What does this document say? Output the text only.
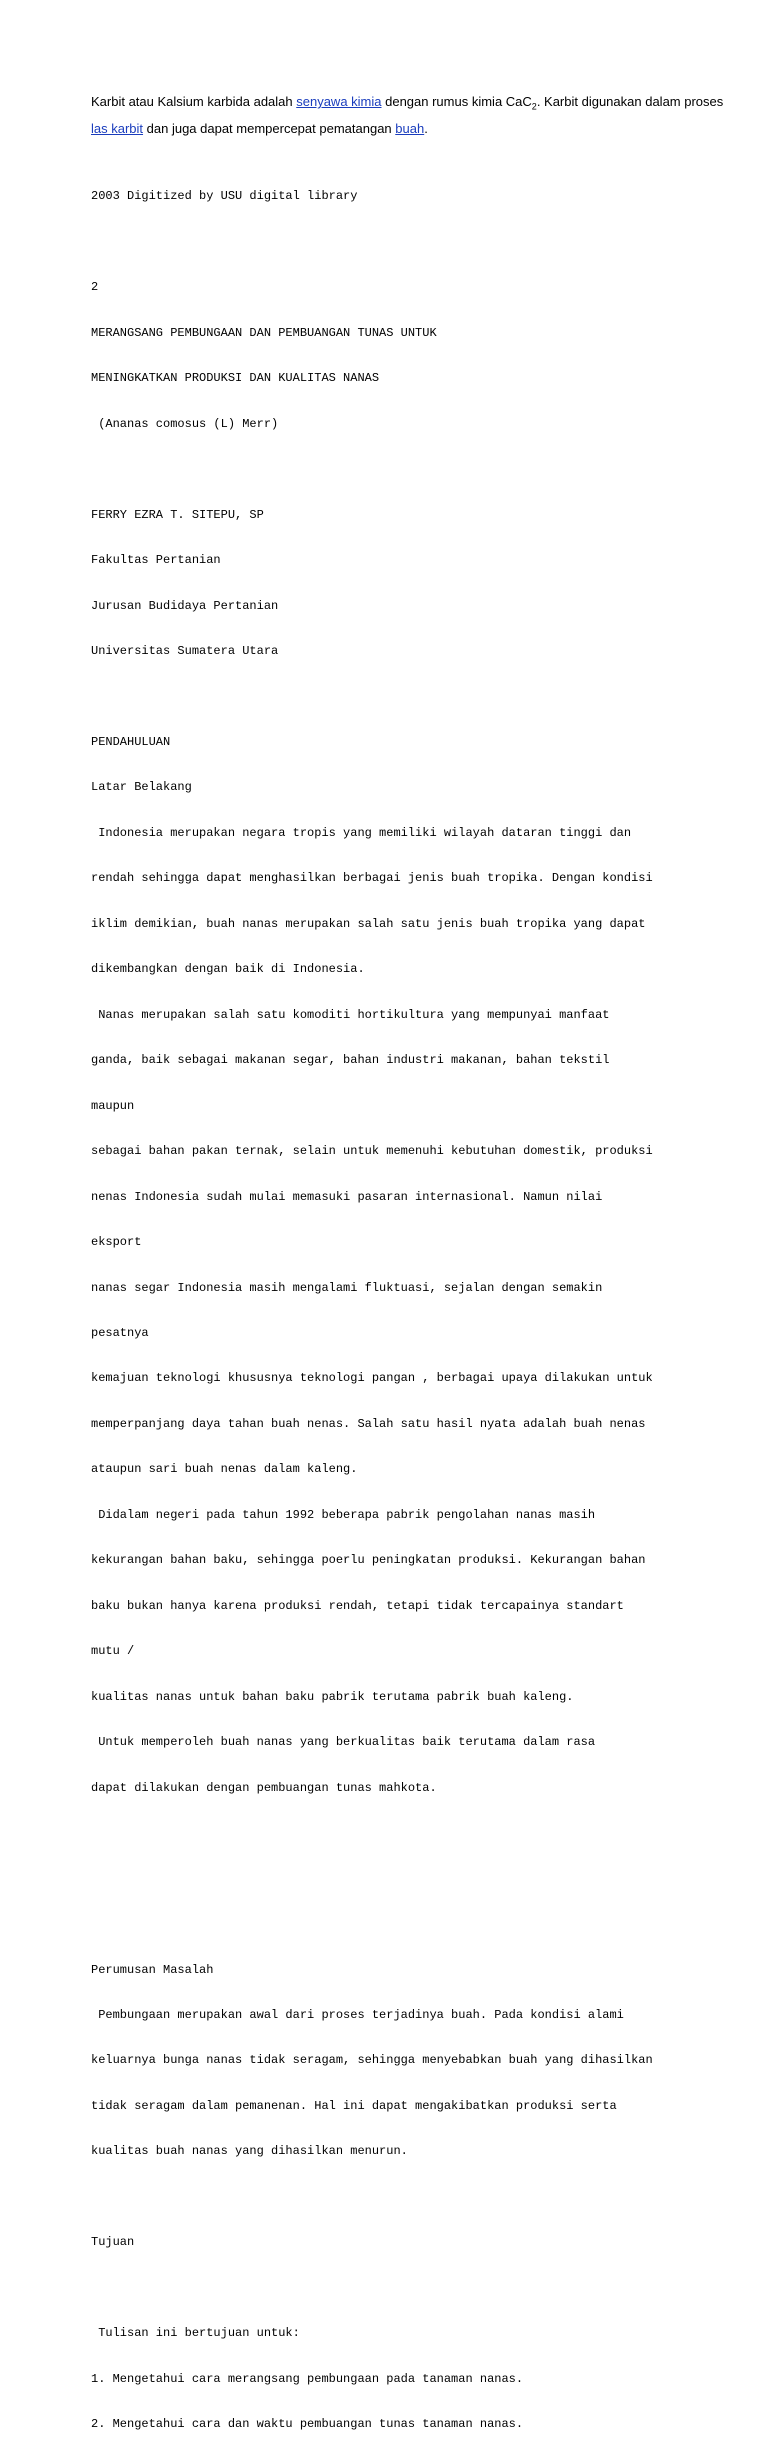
Karbit atau Kalsium karbida adalah senyawa kimia dengan rumus kimia CaC$_2$. Karbit digunakan dalam proses las karbit dan juga dapat mempercepat pematangan buah.

2003 Digitized by USU digital library

2

MERANGSANG PEMBUNGAAN DAN PEMBUANGAN TUNAS UNTUK

MENINGKATKAN PRODUKSI DAN KUALITAS NANAS

(Ananas comosus (L) Merr)

FERRY EZRA T. SITEPU, SP

Fakultas Pertanian

Jurusan Budidaya Pertanian

Universitas Sumatera Utara

PENDAHULUAN

Latar Belakang

Indonesia merupakan negara tropis yang memiliki wilayah dataran tinggi dan

rendah sehingga dapat menghasilkan berbagai jenis buah tropika. Dengan kondisi

iklim demikian, buah nanas merupakan salah satu jenis buah tropika yang dapat

dikembangkan dengan baik di Indonesia.

Nanas merupakan salah satu komoditi hortikultura yang mempunyai manfaat

ganda, baik sebagai makanan segar, bahan industri makanan, bahan tekstil

maupun

sebagai bahan pakan ternak, selain untuk memenuhi kebutuhan domestik, produksi

nenas Indonesia sudah mulai memasuki pasaran internasional. Namun nilai

eksport

nanas segar Indonesia masih mengalami fluktuasi, sejalan dengan semakin

pesatnya

kemajuan teknologi khususnya teknologi pangan , berbagai upaya dilakukan untuk

memperpanjang daya tahan buah nenas. Salah satu hasil nyata adalah buah nenas

ataupun sari buah nenas dalam kaleng.

Didalam negeri pada tahun 1992 beberapa pabrik pengolahan nanas masih

kekurangan bahan baku, sehingga poerlu peningkatan produksi. Kekurangan bahan

baku bukan hanya karena produksi rendah, tetapi tidak tercapainya standart

mutu /

kualitas nanas untuk bahan baku pabrik terutama pabrik buah kaleng.

Untuk memperoleh buah nanas yang berkualitas baik terutama dalam rasa

dapat dilakukan dengan pembuangan tunas mahkota.

Perumusan Masalah

Pembungaan merupakan awal dari proses terjadinya buah. Pada kondisi alami

keluarnya bunga nanas tidak seragam, sehingga menyebabkan buah yang dihasilkan

tidak seragam dalam pemanenan. Hal ini dapat mengakibatkan produksi serta

kualitas buah nanas yang dihasilkan menurun.

Tujuan

Tulisan ini bertujuan untuk:

1. Mengetahui cara merangsang pembungaan pada tanaman nanas.

2. Mengetahui cara dan waktu pembuangan tunas tanaman nanas.
